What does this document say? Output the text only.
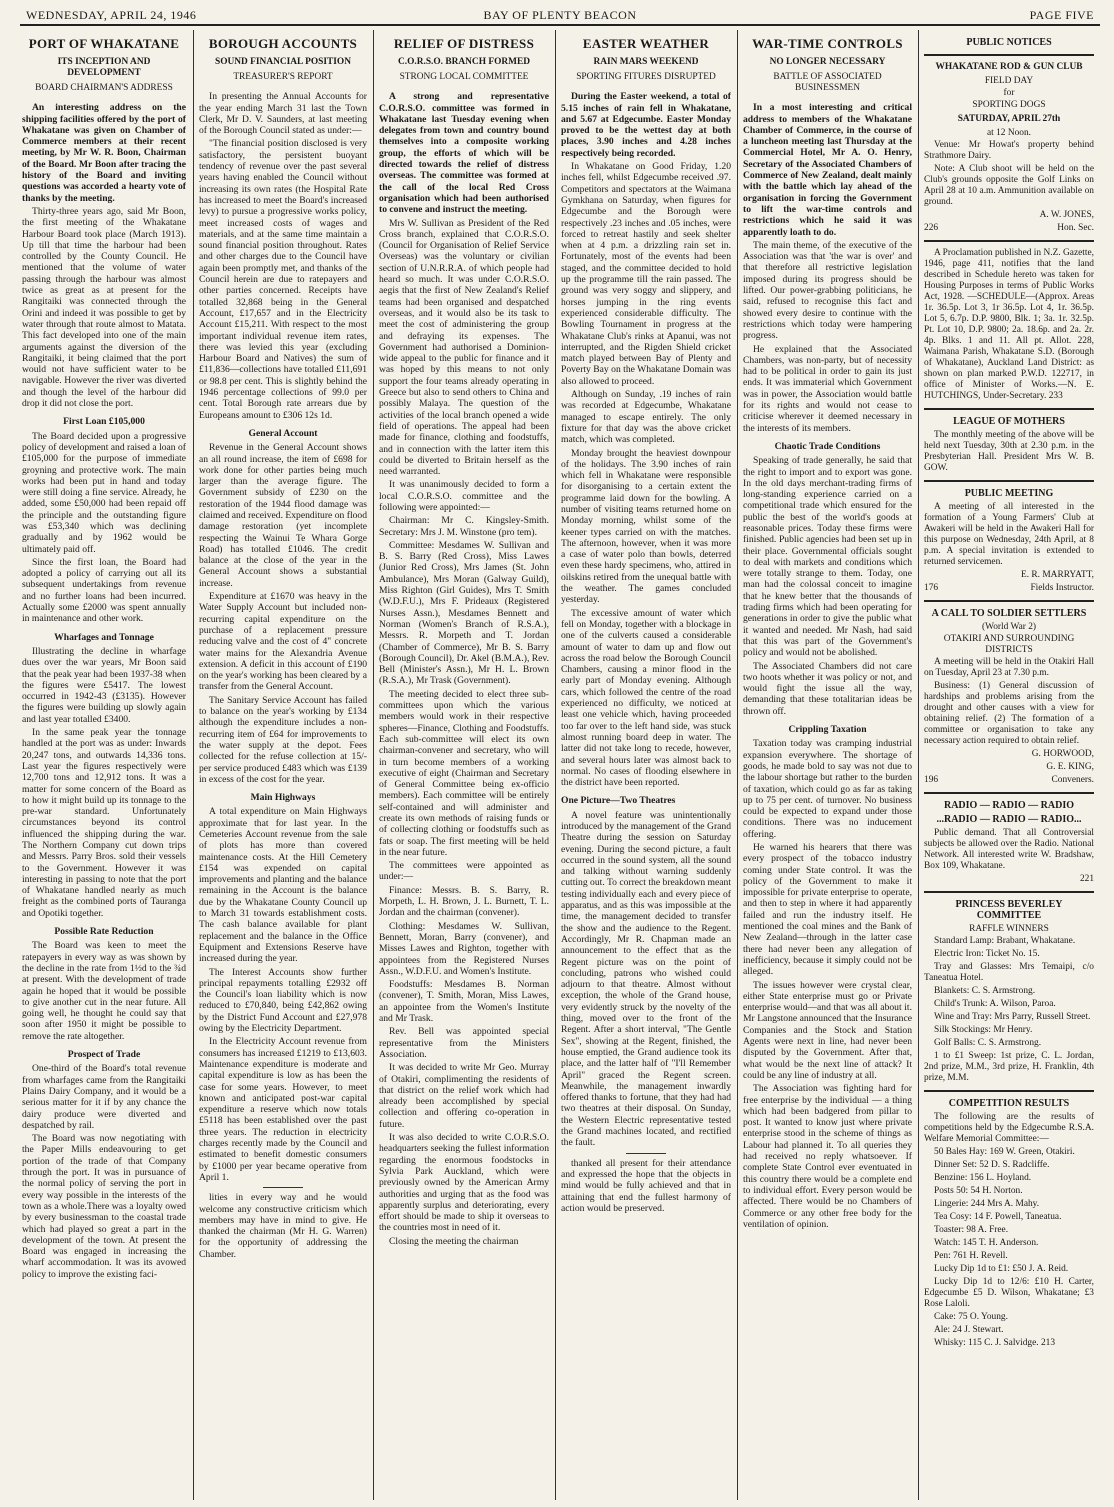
WEDNESDAY, APRIL 24, 1946	BAY OF PLENTY BEACON	PAGE FIVE
PORT OF WHAKATANE
ITS INCEPTION AND DEVELOPMENT
BOARD CHAIRMAN'S ADDRESS

An interesting address on the shipping facilities offered by the port of Whakatane was given on Chamber of Commerce members at their recent meeting, by Mr W. R. Boon, Chairman of the Board. Mr Boon after tracing the history of the Board and inviting questions was accorded a hearty vote of thanks by the meeting.

Thirty-three years ago, said Mr Boon, the first meeting of the Whakatane Harbour Board took place (March 1913). Up till that time the harbour had been controlled by the County Council. He mentioned that the volume of water passing through the harbour was almost twice as great as at present for the Rangitaiki was connected through the Orini and indeed it was possible to get by water through that route almost to Matata. This fact developed into one of the main arguments against the diversion of the Rangitaiki, it being claimed that the port would not have sufficient water to be navigable. However the river was diverted and though the level of the harbour did drop it did not close the port.

First Loan £105,000

The Board decided upon a progressive policy of development and raised a loan of £105,000 for the purpose of immediate groyning and protective work. The main works had been put in hand and today were still doing a fine service. Already, he added, some £50,000 had been repaid off the principle and the outstanding figure was £53,340 which was declining gradually and by 1962 would be ultimately paid off.

Since the first loan, the Board had adopted a policy of carrying out all its subsequent undertakings from revenue and no further loans had been incurred. Actually some £2000 was spent annually in maintenance and other work.

Wharfages and Tonnage

Illustrating the decline in wharfage dues over the war years, Mr Boon said that the peak year had been 1937-38 when the figures were £5417. The lowest occurred in 1942-43 (£3135). However the figures were building up slowly again and last year totalled £3400.

In the same peak year the tonnage handled at the port was as under: Inwards 20,247 tons, and outwards 14,336 tons. Last year the figures respectively were 12,700 tons and 12,912 tons. It was a matter for some concern of the Board as to how it might build up its tonnage to the pre-war standard. Unfortunately circumstances beyond its control influenced the shipping during the war. The Northern Company cut down trips and Messrs. Parry Bros. sold their vessels to the Government. However it was interesting in passing to note that the port of Whakatane handled nearly as much freight as the combined ports of Tauranga and Opotiki together.

Possible Rate Reduction

The Board was keen to meet the ratepayers in every way as was shown by the decline in the rate from 1½d to the ¾d at present. With the development of trade again he hoped that it would be possible to give another cut in the near future. All going well, he thought he could say that soon after 1950 it might be possible to remove the rate altogether.

Prospect of Trade

One-third of the Board's total revenue from wharfages came from the Rangitaiki Plains Dairy Company, and it would be a serious matter for it if by any chance the dairy produce were diverted and despatched by rail.

The Board was now negotiating with the Paper Mills endeavouring to get portion of the trade of that Company through the port. It was in pursuance of the normal policy of serving the port in every way possible in the interests of the town as a whole.There was a loyalty owed by every businessman to the coastal trade which had played so great a part in the development of the town. At present the Board was engaged in increasing the wharf accommodation. It was its avowed policy to improve the existing faci-

BOROUGH ACCOUNTS
SOUND FINANCIAL POSITION
TREASURER'S REPORT

In presenting the Annual Accounts for the year ending March 31 last the Town Clerk, Mr D. V. Saunders, at last meeting of the Borough Council stated as under:—

"The financial position disclosed is very satisfactory, the persistent buoyant tendency of revenue over the past several years having enabled the Council without increasing its own rates (the Hospital Rate has increased to meet the Board's increased levy) to pursue a progressive works policy, meet increased costs of wages and materials, and at the same time maintain a sound financial position throughout. Rates and other charges due to the Council have again been promptly met, and thanks of the Council herein are due to ratepayers and other parties concerned. Receipts have totalled 32,868 being in the General Account, £17,657 and in the Electricity Account £15,211. With respect to the most important individual revenue item rates, there was levied this year (excluding Harbour Board and Natives) the sum of £11,836—collections have totalled £11,691 or 98.8 per cent. This is slightly behind the 1946 percentage collections of 99.0 per cent. Total Borough rate arrears due by Europeans amount to £306 12s 1d.

General Account

Revenue in the General Account shows an all round increase, the item of £698 for work done for other parties being much larger than the average figure. The Government subsidy of £230 on the restoration of the 1944 flood damage was claimed and received. Expenditure on flood damage restoration (yet incomplete respecting the Wainui Te Whara Gorge Road) has totalled £1046. The credit balance at the close of the year in the General Account shows a substantial increase.

Expenditure at £1670 was heavy in the Water Supply Account but included non-recurring capital expenditure on the purchase of a replacement pressure reducing valve and the cost of 4" concrete water mains for the Alexandria Avenue extension. A deficit in this account of £190 on the year's working has been cleared by a transfer from the General Account.

The Sanitary Service Account has failed to balance on the year's working by £134 although the expenditure includes a non-recurring item of £64 for improvements to the water supply at the depot. Fees collected for the refuse collection at 15/- per service produced £483 which was £139 in excess of the cost for the year.

Main Highways

A total expenditure on Main Highways approximate that for last year. In the Cemeteries Account revenue from the sale of plots has more than covered maintenance costs. At the Hill Cemetery £154 was expended on capital improvements and planting and the balance remaining in the Account is the balance due by the Whakatane County Council up to March 31 towards establishment costs. The cash balance available for plant replacement and the balance in the Office Equipment and Extensions Reserve have increased during the year.

The Interest Accounts show further principal repayments totalling £2932 off the Council's loan liability which is now reduced to £70,840, being £42,862 owing by the District Fund Account and £27,978 owing by the Electricity Department.

In the Electricity Account revenue from consumers has increased £1219 to £13,603. Maintenance expenditure is moderate and capital expenditure is low as has been the case for some years. However, to meet known and anticipated post-war capital expenditure a reserve which now totals £5118 has been established over the past three years. The reduction in electricity charges recently made by the Council and estimated to benefit domestic consumers by £1000 per year became operative from April 1.

lities in every way and he would welcome any constructive criticism which members may have in mind to give. He thanked the chairman (Mr H. G. Warren) for the opportunity of addressing the Chamber.

RELIEF OF DISTRESS
C.O.R.S.O. BRANCH FORMED
STRONG LOCAL COMMITTEE

A strong and representative C.O.R.S.O. committee was formed in Whakatane last Tuesday evening when delegates from town and country bound themselves into a composite working group, the efforts of which will be directed towards the relief of distress overseas. The committee was formed at the call of the local Red Cross organisation which had been authorised to convene and instruct the meeting.

Mrs W. Sullivan as President of the Red Cross branch, explained that C.O.R.S.O. (Council for Organisation of Relief Service Overseas) was the voluntary or civilian section of U.N.R.R.A. of which people had heard so much. It was under C.O.R.S.O. aegis that the first of New Zealand's Relief teams had been organised and despatched overseas, and it would also be its task to meet the cost of administering the group and defraying its expenses. The Government had authorised a Dominion-wide appeal to the public for finance and it was hoped by this means to not only support the four teams already operating in Greece but also to send others to China and possibly Malaya. The question of the activities of the local branch opened a wide field of operations. The appeal had been made for finance, clothing and foodstuffs, and in connection with the latter item this could be diverted to Britain herself as the need warranted.

It was unanimously decided to form a local C.O.R.S.O. committee and the following were appointed:—

Chairman: Mr C. Kingsley-Smith. Secretary: Mrs J. M. Winstone (pro tem).

Committee: Mesdames W. Sullivan and B. S. Barry (Red Cross), Miss Lawes (Junior Red Cross), Mrs James (St. John Ambulance), Mrs Moran (Galway Guild), Miss Righton (Girl Guides), Mrs T. Smith (W.D.F.U.), Mrs F. Prideaux (Registered Nurses Assn.), Mesdames Bennett and Norman (Women's Branch of R.S.A.), Messrs. R. Morpeth and T. Jordan (Chamber of Commerce), Mr B. S. Barry (Borough Council), Dr. Akel (B.M.A.), Rev. Bell (Minister's Assn.), Mr H. L. Brown (R.S.A.), Mr Trask (Government).

The meeting decided to elect three sub-committees upon which the various members would work in their respective spheres—Finance, Clothing and Foodstuffs. Each sub-committee will elect its own chairman-convener and secretary, who will in turn become members of a working executive of eight (Chairman and Secretary of General Committee being ex-officio members). Each committee will be entirely self-contained and will administer and create its own methods of raising funds or of collecting clothing or foodstuffs such as fats or soap. The first meeting will be held in the near future.

The committees were appointed as under:—

Finance: Messrs. B. S. Barry, R. Morpeth, L. H. Brown, J. L. Burnett, T. L. Jordan and the chairman (convener).

Clothing: Mesdames W. Sullivan, Bennett, Moran, Barry (convener), and Misses Lawes and Righton, together with appointees from the Registered Nurses Assn., W.D.F.U. and Women's Institute.

Foodstuffs: Mesdames B. Norman (convener), T. Smith, Moran, Miss Lawes, an appointee from the Women's Institute and Mr Trask.

Rev. Bell was appointed special representative from the Ministers Association.

It was decided to write Mr Geo. Murray of Otakiri, complimenting the residents of that district on the relief work which had already been accomplished by special collection and offering co-operation in future.

It was also decided to write C.O.R.S.O. headquarters seeking the fullest information regarding the enormous foodstocks in Sylvia Park Auckland, which were previously owned by the American Army authorities and urging that as the food was apparently surplus and deteriorating, every effort should be made to ship it overseas to the countries most in need of it.

Closing the meeting the chairman

EASTER WEATHER
RAIN MARS WEEKEND
SPORTING FITURES DISRUPTED

During the Easter weekend, a total of 5.15 inches of rain fell in Whakatane, and 5.67 at Edgecumbe. Easter Monday proved to be the wettest day at both places, 3.90 inches and 4.28 inches respectively being recorded.

In Whakatane on Good Friday, 1.20 inches fell, whilst Edgecumbe received .97. Competitors and spectators at the Waimana Gymkhana on Saturday, when figures for Edgecumbe and the Borough were respectively .23 inches and .05 inches, were forced to retreat hastily and seek shelter when at 4 p.m. a drizzling rain set in. Fortunately, most of the events had been staged, and the committee decided to hold up the programme till the rain passed. The ground was very soggy and slippery, and horses jumping in the ring events experienced considerable difficulty. The Bowling Tournament in progress at the Whakatane Club's rinks at Apanui, was not interrupted, and the Rigden Shield cricket match played between Bay of Plenty and Poverty Bay on the Whakatane Domain was also allowed to proceed.

Although on Sunday, .19 inches of rain was recorded at Edgecumbe, Whakatane managed to escape entirely. The only fixture for that day was the above cricket match, which was completed.

Monday brought the heaviest downpour of the holidays. The 3.90 inches of rain which fell in Whakatane were responsible for disorganising to a certain extent the programme laid down for the bowling. A number of visiting teams returned home on Monday morning, whilst some of the keener types carried on with the matches. The afternoon, however, when it was more a case of water polo than bowls, deterred even these hardy specimens, who, attired in oilskins retired from the unequal battle with the weather. The games concluded yesterday.

The excessive amount of water which fell on Monday, together with a blockage in one of the culverts caused a considerable amount of water to dam up and flow out across the road below the Borough Council Chambers, causing a minor flood in the early part of Monday evening. Although cars, which followed the centre of the road experienced no difficulty, we noticed at least one vehicle which, having proceeded too far over to the left hand side, was stuck almost running board deep in water. The latter did not take long to recede, however, and several hours later was almost back to normal. No cases of flooding elsewhere in the district have been reported.

One Picture—Two Theatres

A novel feature was unintentionally introduced by the management of the Grand Theatre during the session on Saturday evening. During the second picture, a fault occurred in the sound system, all the sound and talking without warning suddenly cutting out. To correct the breakdown meant testing individually each and every piece of apparatus, and as this was impossible at the time, the management decided to transfer the show and the audience to the Regent. Accordingly, Mr R. Chapman made an announcement to the effect that as the Regent picture was on the point of concluding, patrons who wished could adjourn to that theatre. Almost without exception, the whole of the Grand house, very evidently struck by the novelty of the thing, moved over to the front of the Regent. After a short interval, "The Gentle Sex", showing at the Regent, finished, the house emptied, the Grand audience took its place, and the latter half of "I'll Remember April" graced the Regent screen. Meanwhile, the management inwardly offered thanks to fortune, that they had had two theatres at their disposal. On Sunday, the Western Electric representative tested the Grand machines located, and rectified the fault.

thanked all present for their attendance and expressed the hope that the objects in mind would be fully achieved and that in attaining that end the fullest harmony of action would be preserved.

WAR-TIME CONTROLS
NO LONGER NECESSARY
BATTLE OF ASSOCIATED BUSINESSMEN

In a most interesting and critical address to members of the Whakatane Chamber of Commerce, in the course of a luncheon meeting last Thursday at the Commercial Hotel, Mr A. O. Henry, Secretary of the Associated Chambers of Commerce of New Zealand, dealt mainly with the battle which lay ahead of the organisation in forcing the Government to lift the war-time controls and restrictions which he said it was apparently loath to do.

The main theme, of the executive of the Association was that 'the war is over' and that therefore all restrictive legislation imposed during its progress should be lifted. Our power-grabbing politicians, he said, refused to recognise this fact and showed every desire to continue with the restrictions which today were hampering progress.

He explained that the Associated Chambers, was non-party, but of necessity had to be political in order to gain its just ends. It was immaterial which Government was in power, the Association would battle for its rights and would not cease to criticise wherever it deemed necessary in the interests of its members.

Chaotic Trade Conditions

Speaking of trade generally, he said that the right to import and to export was gone. In the old days merchant-trading firms of long-standing experience carried on a competitional trade which ensured for the public the best of the world's goods at reasonable prices. Today these firms were finished. Public agencies had been set up in their place. Governmental officials sought to deal with markets and conditions which were totally strange to them. Today, one man had the colossal conceit to imagine that he knew better that the thousands of trading firms which had been operating for generations in order to give the public what it wanted and needed. Mr Nash, had said that this was part of the Government's policy and would not be abolished.

The Associated Chambers did not care two hoots whether it was policy or not, and would fight the issue all the way, demanding that these totalitarian ideas be thrown off.

Crippling Taxation

Taxation today was cramping industrial expansion everywhere. The shortage of goods, he made bold to say was not due to the labour shortage but rather to the burden of taxation, which could go as far as taking up to 75 per cent. of turnover. No business could be expected to expand under those conditions. There was no inducement offering.

He warned his hearers that there was every prospect of the tobacco industry coming under State control. It was the policy of the Government to make it impossible for private enterprise to operate, and then to step in where it had apparently failed and run the industry itself. He mentioned the coal mines and the Bank of New Zealand—through in the latter case there had never been any allegation of inefficiency, because it simply could not be alleged.

The issues however were crystal clear, either State enterprise must go or Private enterprise would—and that was all about it. Mr Langstone announced that the Insurance Companies and the Stock and Station Agents were next in line, had never been disputed by the Government. After that, what would be the next line of attack? It could be any line of industry at all.

The Association was fighting hard for free enterprise by the individual — a thing which had been badgered from pillar to post. It wanted to know just where private enterprise stood in the scheme of things as Labour had planned it. To all queries they had received no reply whatsoever. If complete State Control ever eventuated in this country there would be a complete end to individual effort. Every person would be affected. There would be no Chambers of Commerce or any other free body for the ventilation of opinion.

PUBLIC NOTICES
WHAKATANE ROD & GUN CLUB
FIELD DAY
for
SPORTING DOGS
SATURDAY, APRIL 27th
at 12 Noon.

Venue: Mr Howat's property behind Strathmore Dairy.

Note: A Club shoot will be held on the Club's grounds opposite the Golf Links on April 28 at 10 a.m. Ammunition available on ground.

A. W. JONES,

226	Hon. Sec.

A Proclamation published in N.Z. Gazette, 1946, page 411, notifies that the land described in Schedule hereto was taken for Housing Purposes in terms of Public Works Act, 1928. —SCHEDULE—(Approx. Areas 1r. 36.5p. Lot 3, 1r 36.5p. Lot 4, 1r. 36.5p. Lot 5, 6.7p. D.P. 9800, Blk. 1; 3a. 1r. 32.5p. Pt. Lot 10, D.P. 9800; 2a. 18.6p. and 2a. 2r. 4p. Blks. 1 and 11. All pt. Allot. 228, Waimana Parish, Whakatane S.D. (Borough of Whakatane), Auckland Land District: as shown on plan marked P.W.D. 122717, in office of Minister of Works.—N. E. HUTCHINGS, Under-Secretary. 233

LEAGUE OF MOTHERS

The monthly meeting of the above will be held next Tuesday, 30th at 2.30 p.m. in the Presbyterian Hall. President Mrs W. B. GOW.

PUBLIC MEETING

A meeting of all interested in the formation of a Young Farmers' Club at Awakeri will be held in the Awakeri Hall for this purpose on Wednesday, 24th April, at 8 p.m. A special invitation is extended to returned servicemen.

E. R. MARRYATT,

176	Fields Instructor.
A CALL TO SOLDIER SETTLERS
(World War 2)
OTAKIRI AND SURROUNDING DISTRICTS

A meeting will be held in the Otakiri Hall on Tuesday, April 23 at 7.30 p.m.

Business: (1) General discussion of hardships and problems arising from the drought and other causes with a view for obtaining relief. (2) The formation of a committee or organisation to take any necessary action required to obtain relief.

G. HORWOOD,

G. E. KING,

196	Conveners.
RADIO — RADIO — RADIO
...RADIO — RADIO — RADIO...

Public demand. That all Controversial subjects be allowed over the Radio. National Network. All interested write W. Bradshaw, Box 109, Whakatane.

221

PRINCESS BEVERLEY COMMITTEE
RAFFLE WINNERS

Standard Lamp: Brabant, Whakatane.

Electric Iron: Ticket No. 15.

Tray and Glasses: Mrs Temaipi, c/o Taneatua Hotel.

Blankets: C. S. Armstrong.

Child's Trunk: A. Wilson, Paroa.

Wine and Tray: Mrs Parry, Russell Street.

Silk Stockings: Mr Henry.

Golf Balls: C. S. Armstrong.

1 to £1 Sweep: 1st prize, C. L. Jordan, 2nd prize, M.M., 3rd prize, H. Franklin, 4th prize, M.M.

COMPETITION RESULTS

The following are the results of competitions held by the Edgecumbe R.S.A. Welfare Memorial Committee:—

50 Bales Hay: 169 W. Green, Otakiri.

Dinner Set: 52 D. S. Radcliffe.

Benzine: 156 L. Hoyland.

Posts 50: 54 H. Norton.

Lingerie: 244 Mrs A. Mahy.

Tea Cosy: 14 F. Powell, Taneatua.

Toaster: 98 A. Free.

Watch: 145 T. H. Anderson.

Pen: 761 H. Revell.

Lucky Dip 1d to £1: £50 J. A. Reid.

Lucky Dip 1d to 12/6: £10 H. Carter, Edgecumbe £5 D. Wilson, Whakatane; £3 Rose Laloli.

Cake: 75 O. Young.

Ale: 24 J. Stewart.

Whisky: 115 C. J. Salvidge. 213
